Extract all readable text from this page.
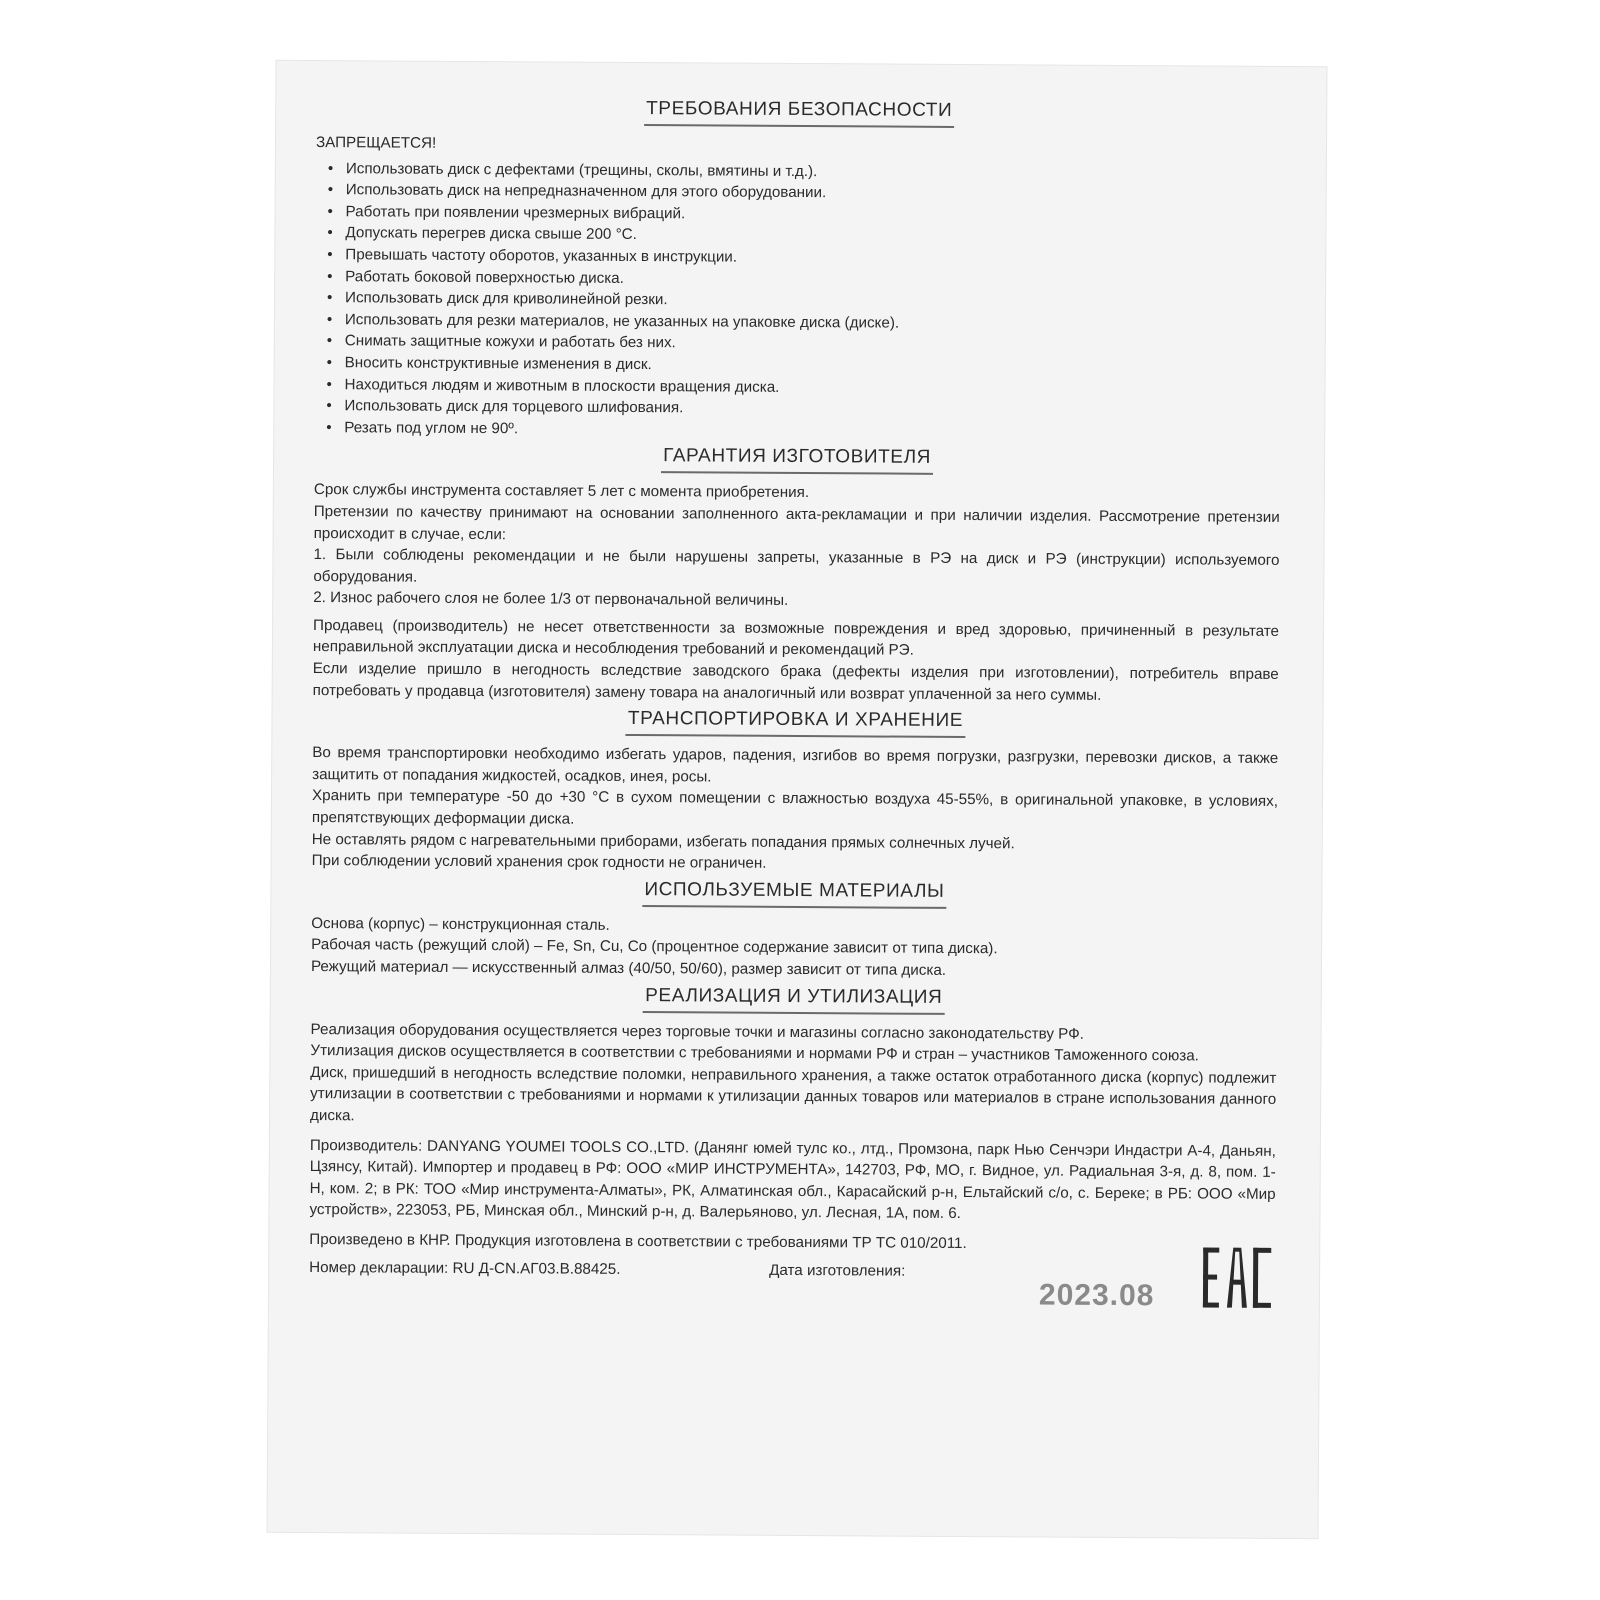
ТРЕБОВАНИЯ БЕЗОПАСНОСТИ

ЗАПРЕЩАЕТСЯ!

• Использовать диск с дефектами (трещины, сколы, вмятины и т.д.).
• Использовать диск на непредназначенном для этого оборудовании.
• Работать при появлении чрезмерных вибраций.
• Допускать перегрев диска свыше 200 °С.
• Превышать частоту оборотов, указанных в инструкции.
• Работать боковой поверхностью диска.
• Использовать диск для криволинейной резки.
• Использовать для резки материалов, не указанных на упаковке диска (диске).
• Снимать защитные кожухи и работать без них.
• Вносить конструктивные изменения в диск.
• Находиться людям и животным в плоскости вращения диска.
• Использовать диск для торцевого шлифования.
• Резать под углом не 90º.
ГАРАНТИЯ ИЗГОТОВИТЕЛЯ

Срок службы инструмента составляет 5 лет с момента приобретения.

Претензии по качеству принимают на основании заполненного акта-рекламации и при наличии изделия. Рассмотрение претензии происходит в случае, если:

1. Были соблюдены рекомендации и не были нарушены запреты, указанные в РЭ на диск и РЭ (инструкции) используемого оборудования.

2. Износ рабочего слоя не более 1/3 от первоначальной величины.

Продавец (производитель) не несет ответственности за возможные повреждения и вред здоровью, причиненный в результате неправильной эксплуатации диска и несоблюдения требований и рекомендаций РЭ.

Если изделие пришло в негодность вследствие заводского брака (дефекты изделия при изготовлении), потребитель вправе потребовать у продавца (изготовителя) замену товара на аналогичный или возврат уплаченной за него суммы.

ТРАНСПОРТИРОВКА И ХРАНЕНИЕ

Во время транспортировки необходимо избегать ударов, падения, изгибов во время погрузки, разгрузки, перевозки дисков, а также защитить от попадания жидкостей, осадков, инея, росы.

Хранить при температуре -50 до +30 °С в сухом помещении с влажностью воздуха 45-55%, в оригинальной упаковке, в условиях, препятствующих деформации диска.

Не оставлять рядом с нагревательными приборами, избегать попадания прямых солнечных лучей.

При соблюдении условий хранения срок годности не ограничен.

ИСПОЛЬЗУЕМЫЕ МАТЕРИАЛЫ

Основа (корпус) – конструкционная сталь.

Рабочая часть (режущий слой) – Fe, Sn, Cu, Co (процентное содержание зависит от типа диска).

Режущий материал — искусственный алмаз (40/50, 50/60), размер зависит от типа диска.

РЕАЛИЗАЦИЯ И УТИЛИЗАЦИЯ

Реализация оборудования осуществляется через торговые точки и магазины согласно законодательству РФ.

Утилизация дисков осуществляется в соответствии с требованиями и нормами РФ и стран – участников Таможенного союза.

Диск, пришедший в негодность вследствие поломки, неправильного хранения, а также остаток отработанного диска (корпус) подлежит утилизации в соответствии с требованиями и нормами к утилизации данных товаров или материалов в стране использования данного диска.

Производитель: DANYANG YOUMEI TOOLS CO.,LTD. (Данянг юмей тулс ко., лтд., Промзона, парк Нью Сенчэри Индастри А-4, Даньян, Цзянсу, Китай). Импортер и продавец в РФ: ООО «МИР ИНСТРУМЕНТА», 142703, РФ, МО, г. Видное, ул. Радиальная 3-я, д. 8, пом. 1-Н, ком. 2; в РК: ТОО «Мир инструмента-Алматы», РК, Алматинская обл., Карасайский р-н, Ельтайский с/о, с. Береке; в РБ: ООО «Мир устройств», 223053, РБ, Минская обл., Минский р-н, д. Валерьяново, ул. Лесная, 1А, пом. 6.

Произведено в КНР. Продукция изготовлена в соответствии с требованиями ТР ТС 010/2011.

Номер декларации: RU Д-CN.АГ03.В.88425.	Дата изготовления:
2023.08
